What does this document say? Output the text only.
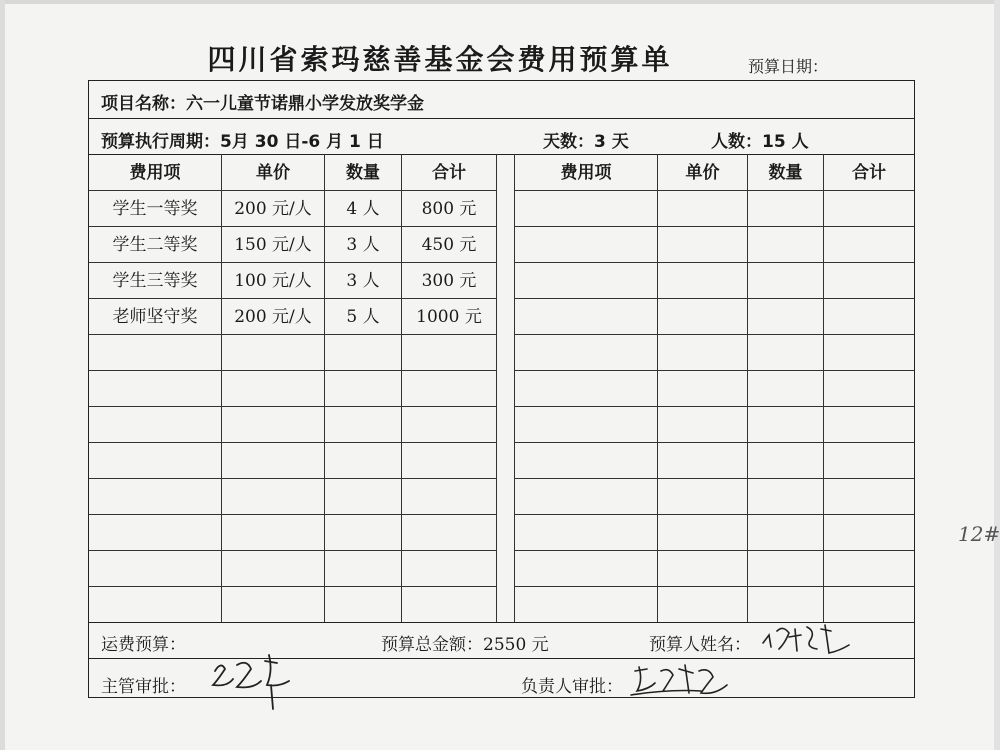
四川省索玛慈善基金会费用预算单	预算日期：
项目名称：六一儿童节诺鼎小学发放奖学金
预算执行周期：5月 30 日-6 月 1 日	天数：3 天	人数：15 人
费用项	单价	数量	合计	费用项	单价	数量	合计
学生一等奖	200 元/人	4 人	800 元
学生二等奖	150 元/人	3 人	450 元
学生三等奖	100 元/人	3 人	300 元
老师坚守奖	200 元/人	5 人	1000 元
运费预算：	预算总金额：2550 元	预算人姓名：
主管审批：	负责人审批：
12#
